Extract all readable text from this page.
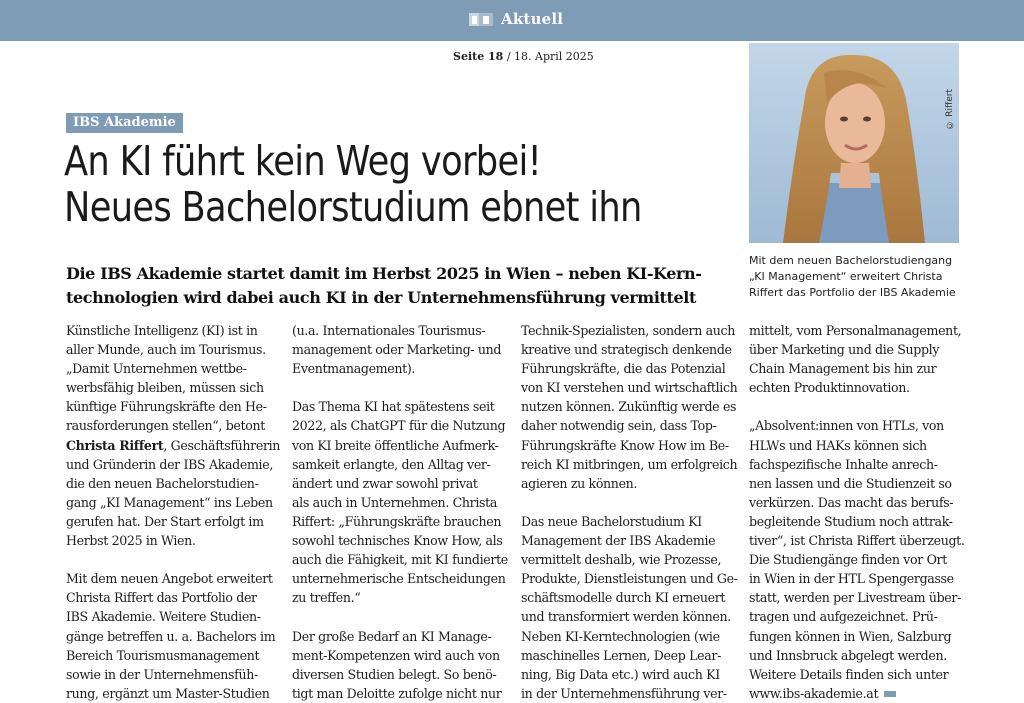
Aktuell
Seite 18 / 18. April 2025
© Riffert
Mit dem neuen Bachelorstudiengang
„KI Management“ erweitert Christa
Riffert das Portfolio der IBS Akademie
IBS Akademie
An KI führt kein Weg vorbei!
Neues Bachelorstudium ebnet ihn
Die IBS Akademie startet damit im Herbst 2025 in Wien – neben KI-Kern-
technologien wird dabei auch KI in der Unternehmensführung vermittelt
Künstliche Intelligenz (KI) ist in
aller Munde, auch im Tourismus.
„Damit Unternehmen wettbe-
werbsfähig bleiben, müssen sich
künftige Führungskräfte den He-
rausforderungen stellen“, betont
Christa Riffert, Geschäftsführerin
und Gründerin der IBS Akademie,
die den neuen Bachelorstudien-
gang „KI Management“ ins Leben
gerufen hat. Der Start erfolgt im
Herbst 2025 in Wien.
Mit dem neuen Angebot erweitert
Christa Riffert das Portfolio der
IBS Akademie. Weitere Studien-
gänge betreffen u. a. Bachelors im
Bereich Tourismusmanagement
sowie in der Unternehmensfüh-
rung, ergänzt um Master-Studien
(u.a. Internationales Tourismus-
management oder Marketing- und
Eventmanagement).
Das Thema KI hat spätestens seit
2022, als ChatGPT für die Nutzung
von KI breite öffentliche Aufmerk-
samkeit erlangte, den Alltag ver-
ändert und zwar sowohl privat
als auch in Unternehmen. Christa
Riffert: „Führungskräfte brauchen
sowohl technisches Know How, als
auch die Fähigkeit, mit KI fundierte
unternehmerische Entscheidungen
zu treffen.“
Der große Bedarf an KI Manage-
ment-Kompetenzen wird auch von
diversen Studien belegt. So benö-
tigt man Deloitte zufolge nicht nur
Technik-Spezialisten, sondern auch
kreative und strategisch denkende
Führungskräfte, die das Potenzial
von KI verstehen und wirtschaftlich
nutzen können. Zukünftig werde es
daher notwendig sein, dass Top-
Führungskräfte Know How im Be-
reich KI mitbringen, um erfolgreich
agieren zu können.
Das neue Bachelorstudium KI
Management der IBS Akademie
vermittelt deshalb, wie Prozesse,
Produkte, Dienstleistungen und Ge-
schäftsmodelle durch KI erneuert
und transformiert werden können.
Neben KI-Kerntechnologien (wie
maschinelles Lernen, Deep Lear-
ning, Big Data etc.) wird auch KI
in der Unternehmensführung ver-
mittelt, vom Personalmanagement,
über Marketing und die Supply
Chain Management bis hin zur
echten Produktinnovation.
„Absolvent:innen von HTLs, von
HLWs und HAKs können sich
fachspezifische Inhalte anrech-
nen lassen und die Studienzeit so
verkürzen. Das macht das berufs-
begleitende Studium noch attrak-
tiver“, ist Christa Riffert überzeugt.
Die Studiengänge finden vor Ort
in Wien in der HTL Spengergasse
statt, werden per Livestream über-
tragen und aufgezeichnet. Prü-
fungen können in Wien, Salzburg
und Innsbruck abgelegt werden.
Weitere Details finden sich unter
www.ibs-akademie.at
